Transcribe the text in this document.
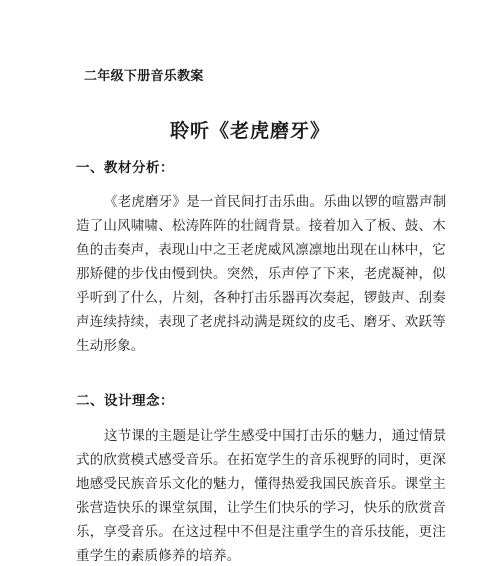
二年级下册音乐教案
聆听《老虎磨牙》
一、教材分析：
《老虎磨牙》是一首民间打击乐曲。乐曲以锣的喧嚣声制
造了山风啸啸、松涛阵阵的壮阔背景。接着加入了板、鼓、木
鱼的击奏声，表现山中之王老虎威风凛凛地出现在山林中，它
那矫健的步伐由慢到快。突然，乐声停了下来，老虎凝神，似
乎听到了什么，片刻，各种打击乐器再次奏起，锣鼓声、刮奏
声连续持续，表现了老虎抖动满是斑纹的皮毛、磨牙、欢跃等
生动形象。
二、设计理念：
这节课的主题是让学生感受中国打击乐的魅力，通过情景
式的欣赏模式感受音乐。在拓宽学生的音乐视野的同时，更深
地感受民族音乐文化的魅力，懂得热爱我国民族音乐。课堂主
张营造快乐的课堂氛围，让学生们快乐的学习，快乐的欣赏音
乐，享受音乐。在这过程中不但是注重学生的音乐技能，更注
重学生的素质修养的培养。
